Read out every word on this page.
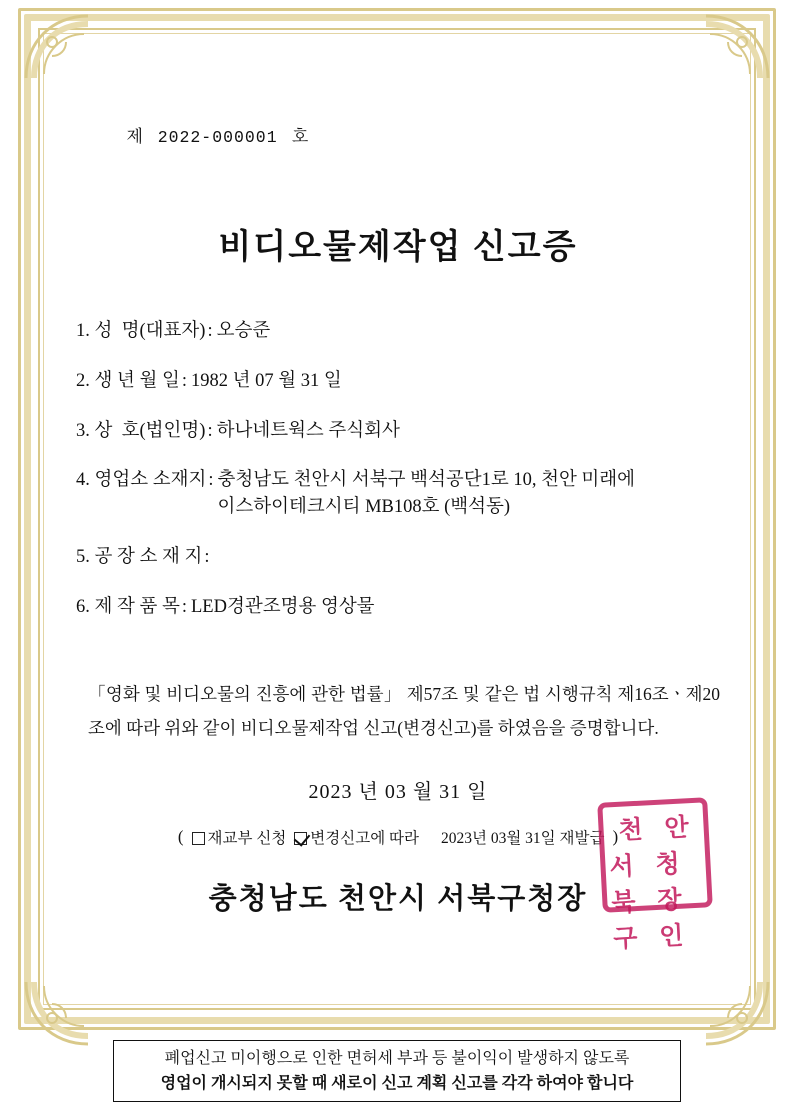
제 2022-000001 호

비디오물제작업 신고증
1.
성  명(대표자) : 오승준
2.
생 년 월 일 : 1982 년 07 월 31 일
3.
상  호(법인명) : 하나네트웍스 주식회사
4.
영업소 소재지 : 충청남도 천안시 서북구 백석공단1로 10, 천안 미래에이스하이테크시티 MB108호 (백석동)
5.
공 장 소 재 지 :
6.
제 작 품 목 : LED경관조명용 영상물

「영화 및 비디오물의 진흥에 관한 법률」 제57조 및 같은 법 시행규칙 제16조ㆍ제20조에 따라 위와 같이 비디오물제작업 신고(변경신고)를 하였음을 증명합니다.

2023 년 03 월 31 일
(	재교부 신청	변경신고에 따라 2023년 03월 31일 재발급 )
충청남도 천안시 서북구청장
천 안
서북구
청장인
폐업신고 미이행으로 인한 면허세 부과 등 불이익이 발생하지 않도록
영업이 개시되지 못할 때 새로이 신고 계획 신고를 각각 하여야 합니다
